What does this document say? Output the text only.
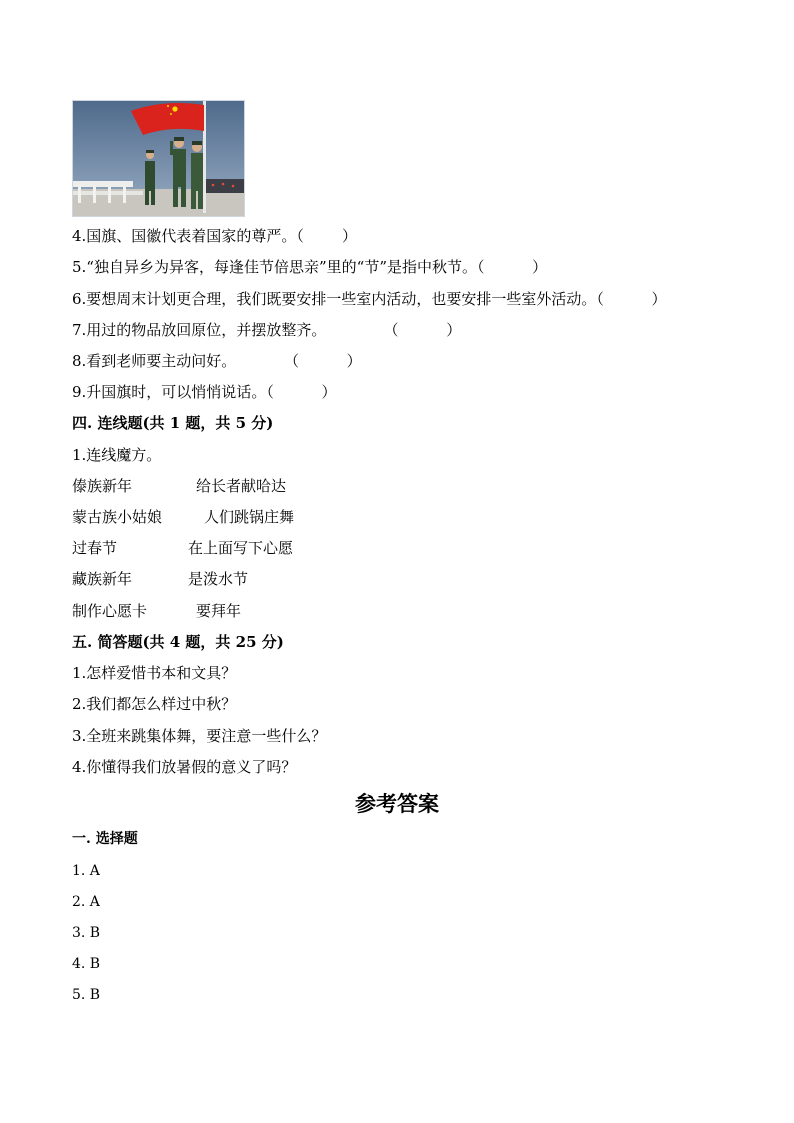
4.国旗、国徽代表着国家的尊严。（        ）
5.“独自异乡为异客，每逢佳节倍思亲”里的“节”是指中秋节。（          ）
6.要想周末计划更合理，我们既要安排一些室内活动，也要安排一些室外活动。（          ）
7.用过的物品放回原位，并摆放整齐。            （          ）
8.看到老师要主动问好。          （          ）
9.升国旗时，可以悄悄说话。（          ）
四. 连线题(共 1 题，共 5 分)
1.连线魔方。
傣族新年	给长者献哈达
蒙古族小姑娘	人们跳锅庄舞
过春节	在上面写下心愿
藏族新年	是泼水节
制作心愿卡	要拜年
五. 简答题(共 4 题，共 25 分)
1.怎样爱惜书本和文具？
2.我们都怎么样过中秋？
3.全班来跳集体舞，要注意一些什么？
4.你懂得我们放暑假的意义了吗？
参考答案
一. 选择题
1. A
2. A
3. B
4. B
5. B
